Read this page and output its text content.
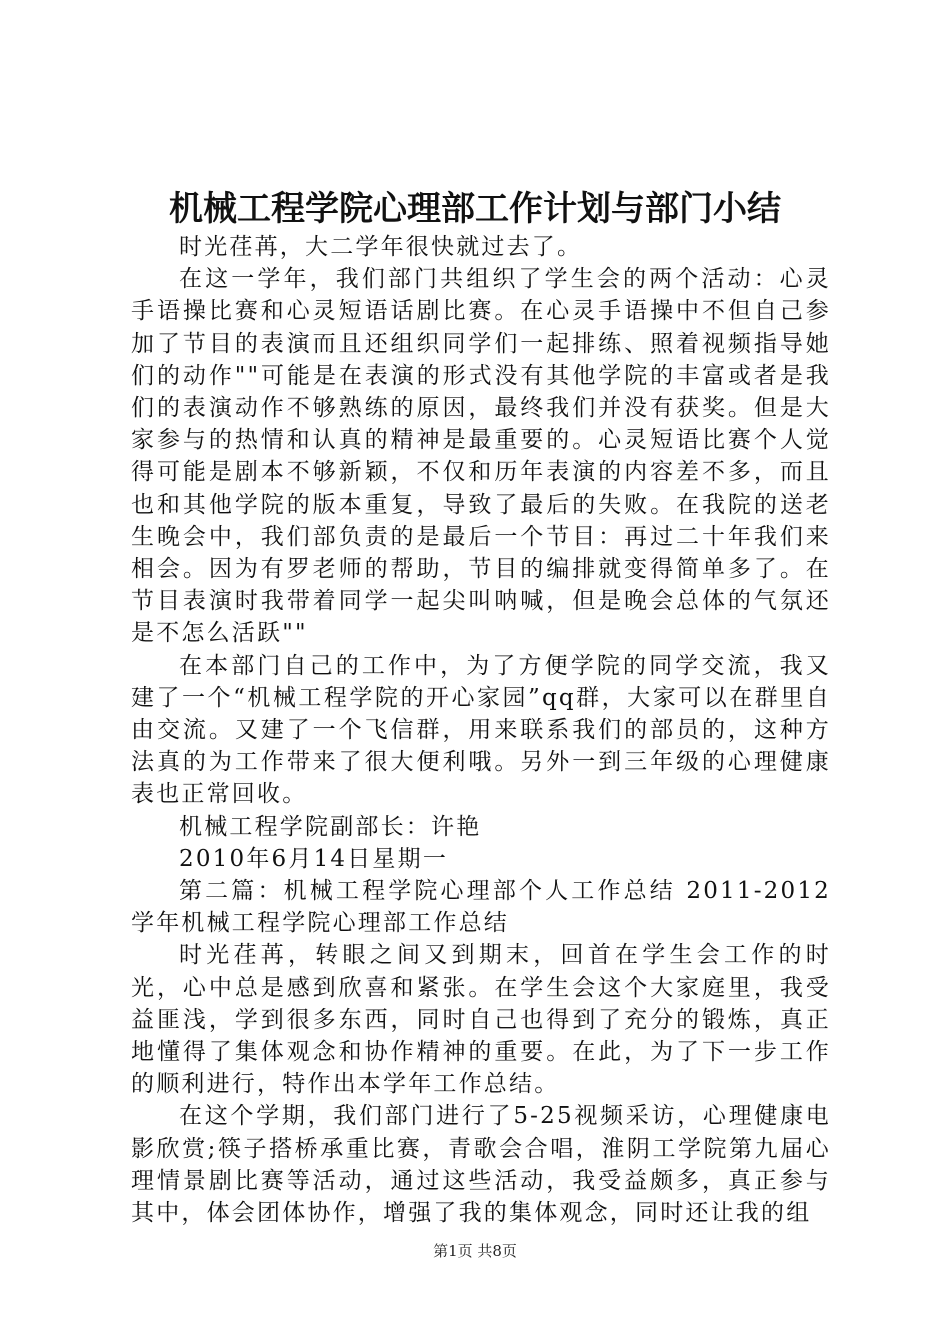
机械工程学院心理部工作计划与部门小结

时光荏苒，大二学年很快就过去了。

在这一学年，我们部门共组织了学生会的两个活动：心灵手语操比赛和心灵短语话剧比赛。在心灵手语操中不但自己参加了节目的表演而且还组织同学们一起排练、照着视频指导她们的动作""可能是在表演的形式没有其他学院的丰富或者是我们的表演动作不够熟练的原因，最终我们并没有获奖。但是大家参与的热情和认真的精神是最重要的。心灵短语比赛个人觉得可能是剧本不够新颖，不仅和历年表演的内容差不多，而且也和其他学院的版本重复，导致了最后的失败。在我院的送老生晚会中，我们部负责的是最后一个节目：再过二十年我们来相会。因为有罗老师的帮助，节目的编排就变得简单多了。在节目表演时我带着同学一起尖叫呐喊，但是晚会总体的气氛还是不怎么活跃""

在本部门自己的工作中，为了方便学院的同学交流，我又建了一个“机械工程学院的开心家园”qq群，大家可以在群里自由交流。又建了一个飞信群，用来联系我们的部员的，这种方法真的为工作带来了很大便利哦。另外一到三年级的心理健康表也正常回收。

机械工程学院副部长：许艳

2010年6月14日星期一

第二篇：机械工程学院心理部个人工作总结 2011-2012学年机械工程学院心理部工作总结

时光荏苒，转眼之间又到期末，回首在学生会工作的时光，心中总是感到欣喜和紧张。在学生会这个大家庭里，我受益匪浅，学到很多东西，同时自己也得到了充分的锻炼，真正地懂得了集体观念和协作精神的重要。在此，为了下一步工作的顺利进行，特作出本学年工作总结。

在这个学期，我们部门进行了5-25视频采访，心理健康电影欣赏;筷子搭桥承重比赛，青歌会合唱，淮阴工学院第九届心理情景剧比赛等活动，通过这些活动，我受益颇多，真正参与其中，体会团体协作，增强了我的集体观念，同时还让我的组

第1页 共8页
